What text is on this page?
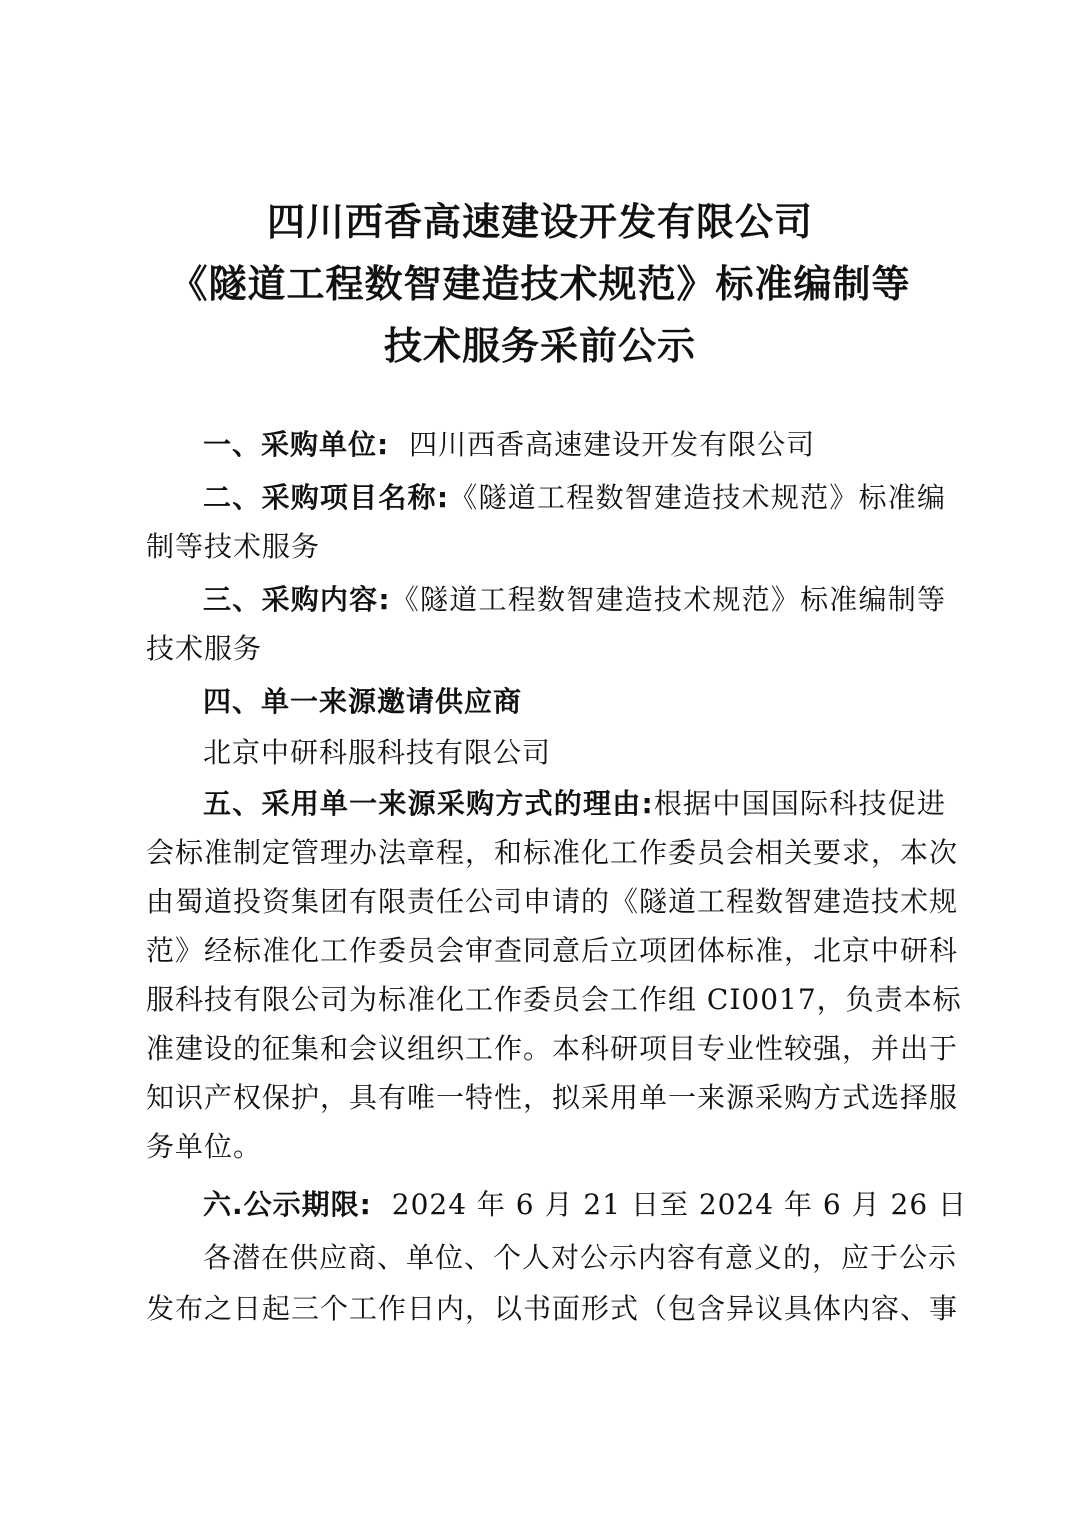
四川西香高速建设开发有限公司
《隧道工程数智建造技术规范》标准编制等
技术服务采前公示
一、采购单位: 四川西香高速建设开发有限公司
二、采购项目名称:《隧道工程数智建造技术规范》标准编
制等技术服务
三、采购内容:《隧道工程数智建造技术规范》标准编制等
技术服务
四、单一来源邀请供应商
北京中研科服科技有限公司
五、采用单一来源采购方式的理由:根据中国国际科技促进
会标准制定管理办法章程，和标准化工作委员会相关要求，本次
由蜀道投资集团有限责任公司申请的《隧道工程数智建造技术规
范》经标准化工作委员会审查同意后立项团体标准，北京中研科
服科技有限公司为标准化工作委员会工作组 CI0017，负责本标
准建设的征集和会议组织工作。本科研项目专业性较强，并出于
知识产权保护，具有唯一特性，拟采用单一来源采购方式选择服
务单位。
六.公示期限: 2024 年 6 月 21 日至 2024 年 6 月 26 日
各潜在供应商、单位、个人对公示内容有意义的，应于公示
发布之日起三个工作日内，以书面形式（包含异议具体内容、事
